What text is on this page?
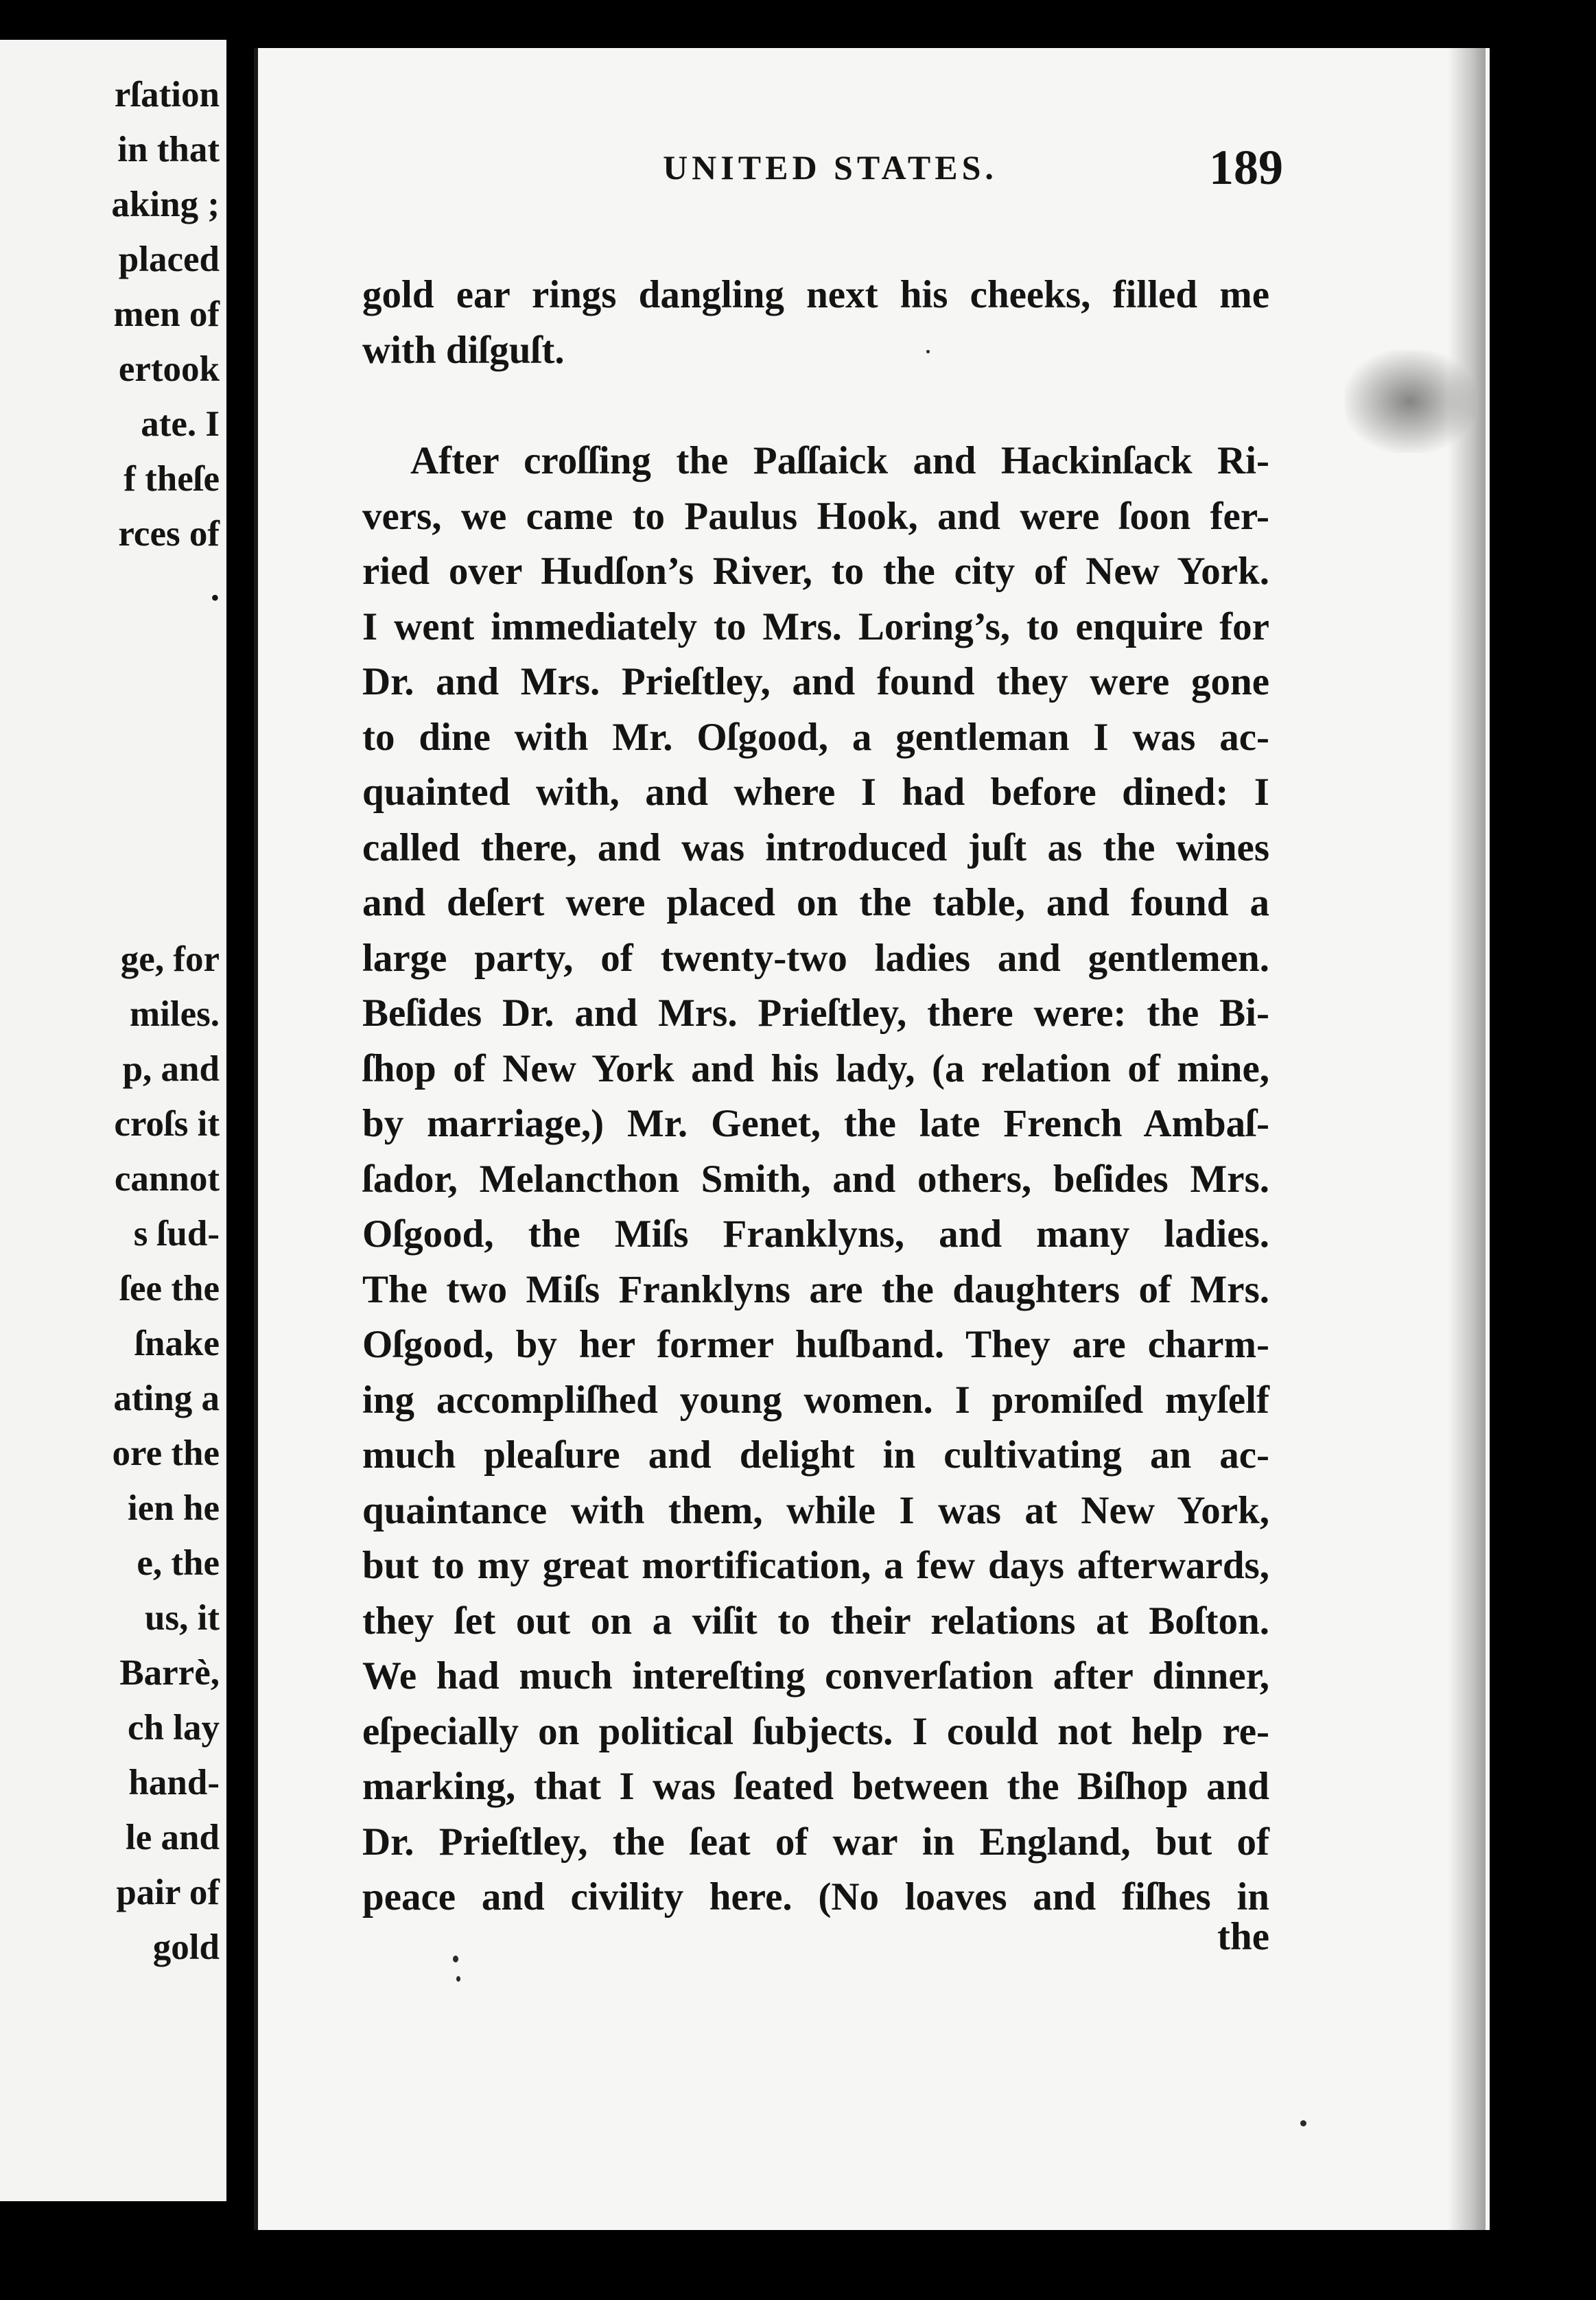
rſation
in that
aking ;
placed
men of
ertook
ate. I
f theſe
rces of
.
ge, for
miles.
p, and
croſs it
cannot
s ſud-
ſee the
ſnake
ating a
ore the
ien he
e, the
us, it
Barrè,
ch lay
hand-
le and
pair of
gold
UNITED STATES.	189
gold ear rings dangling next his cheeks, filled me
with diſguſt.
After croſſing the Paſſaick and Hackinſack Ri-
vers, we came to Paulus Hook, and were ſoon fer-
ried over Hudſon’s River, to the city of New York.
I went immediately to Mrs. Loring’s, to enquire for
Dr. and Mrs. Prieſtley, and found they were gone
to dine with Mr. Oſgood, a gentleman I was ac-
quainted with, and where I had before dined: I
called there, and was introduced juſt as the wines
and deſert were placed on the table, and found a
large party, of twenty-two ladies and gentlemen.
Beſides Dr. and Mrs. Prieſtley, there were: the Bi-
ſhop of New York and his lady, (a relation of mine,
by marriage,) Mr. Genet, the late French Ambaſ-
ſador, Melancthon Smith, and others, beſides Mrs.
Oſgood, the Miſs Franklyns, and many ladies.
The two Miſs Franklyns are the daughters of Mrs.
Oſgood, by her former huſband. They are charm-
ing accompliſhed young women. I promiſed myſelf
much pleaſure and delight in cultivating an ac-
quaintance with them, while I was at New York,
but to my great mortification, a few days afterwards,
they ſet out on a viſit to their relations at Boſton.
We had much intereſting converſation after dinner,
eſpecially on political ſubjects. I could not help re-
marking, that I was ſeated between the Biſhop and
Dr. Prieſtley, the ſeat of war in England, but of
peace and civility here. (No loaves and fiſhes in
the
